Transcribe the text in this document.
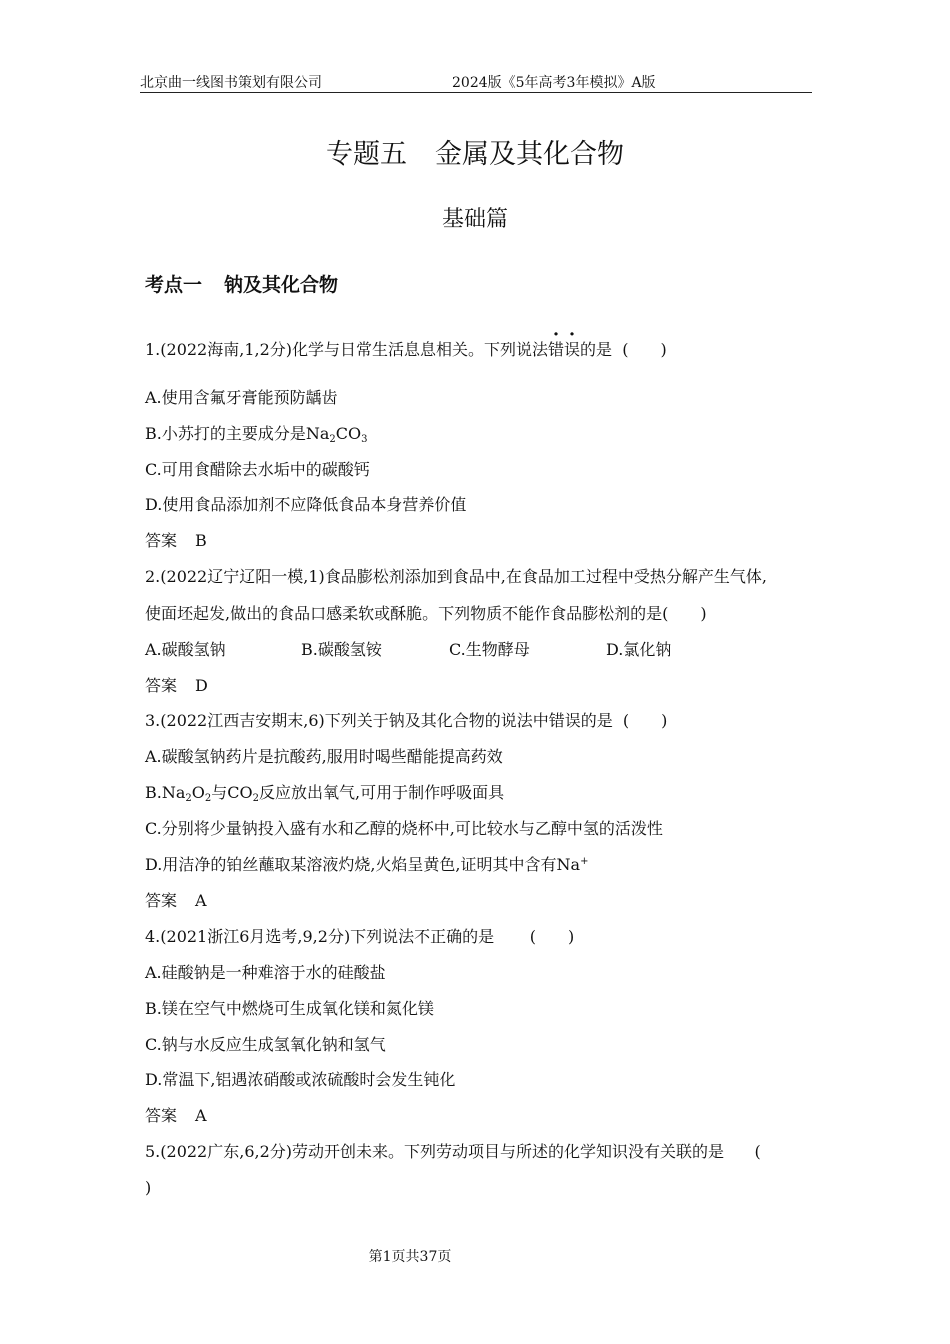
北京曲一线图书策划有限公司	2024版《5年高考3年模拟》A版
专题五 金属及其化合物
基础篇
考点一 钠及其化合物
1.(2022海南,1,2分)化学与日常生活息息相关。下列说法错误的是 (　　)
A.使用含氟牙膏能预防龋齿
B.小苏打的主要成分是$Na_2CO_3$
C.可用食醋除去水垢中的碳酸钙
D.使用食品添加剂不应降低食品本身营养价值
答案 B
2.(2022辽宁辽阳一模,1)食品膨松剂添加到食品中,在食品加工过程中受热分解产生气体,
使面坯起发,做出的食品口感柔软或酥脆。下列物质不能作食品膨松剂的是(　　)
A.碳酸氢钠	B.碳酸氢铵	C.生物酵母	D.氯化钠
答案 D
3.(2022江西吉安期末,6)下列关于钠及其化合物的说法中错误的是 (　　)
A.碳酸氢钠药片是抗酸药,服用时喝些醋能提高药效
$B.Na_2O_2$与$CO_2$反应放出氧气,可用于制作呼吸面具
C.分别将少量钠投入盛有水和乙醇的烧杯中,可比较水与乙醇中氢的活泼性
D.用洁净的铂丝蘸取某溶液灼烧,火焰呈黄色,证明其中含有Na+
答案 A
4.(2021浙江6月选考,9,2分)下列说法不正确的是 (　　)
A.硅酸钠是一种难溶于水的硅酸盐
B.镁在空气中燃烧可生成氧化镁和氮化镁
C.钠与水反应生成氢氧化钠和氢气
D.常温下,铝遇浓硝酸或浓硫酸时会发生钝化
答案 A
5.(2022广东,6,2分)劳动开创未来。下列劳动项目与所述的化学知识没有关联的是 (
)
第1页共37页
